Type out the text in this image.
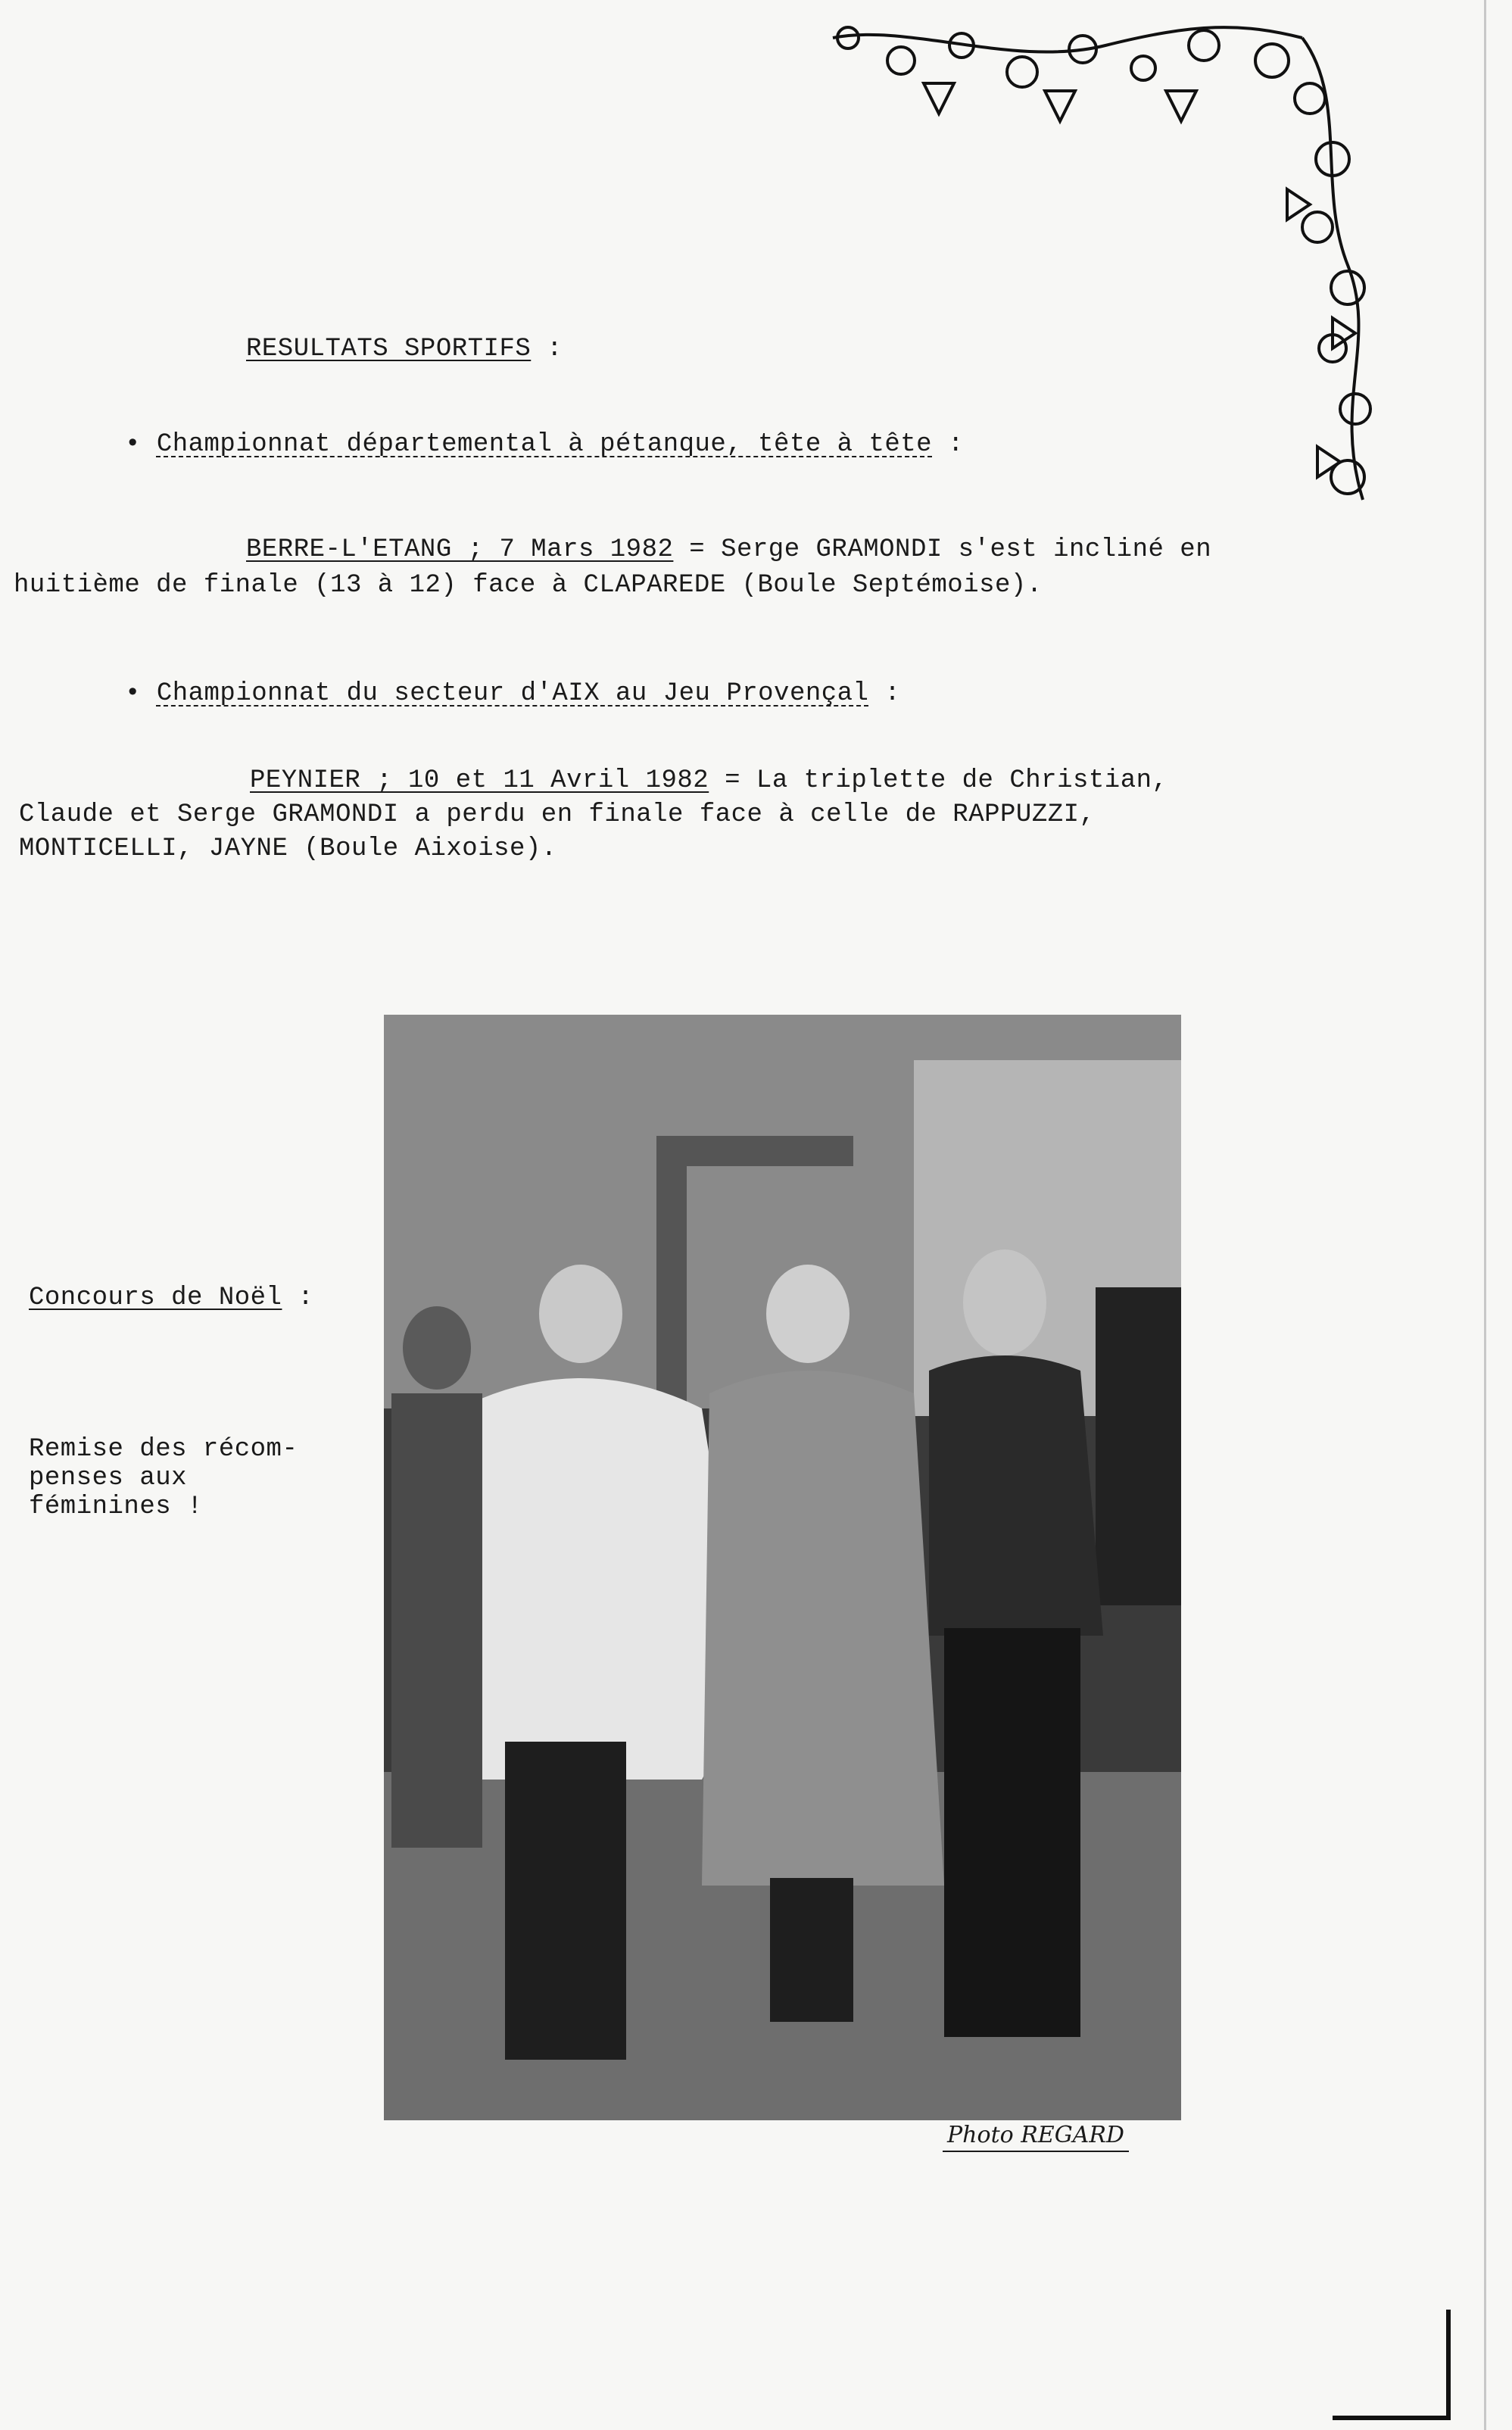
RESULTATS SPORTIFS :
• Championnat départemental à pétanque, tête à tête :
BERRE-L'ETANG ; 7 Mars 1982 = Serge GRAMONDI s'est incliné en
huitième de finale (13 à 12) face à CLAPAREDE (Boule Septémoise).
• Championnat du secteur d'AIX au Jeu Provençal :
PEYNIER ; 10 et 11 Avril 1982 = La triplette de Christian,
Claude et Serge GRAMONDI a perdu en finale face à celle de RAPPUZZI,
MONTICELLI, JAYNE (Boule Aixoise).
Concours de Noël :
Remise des récom- penses aux féminines !
Photo REGARD
